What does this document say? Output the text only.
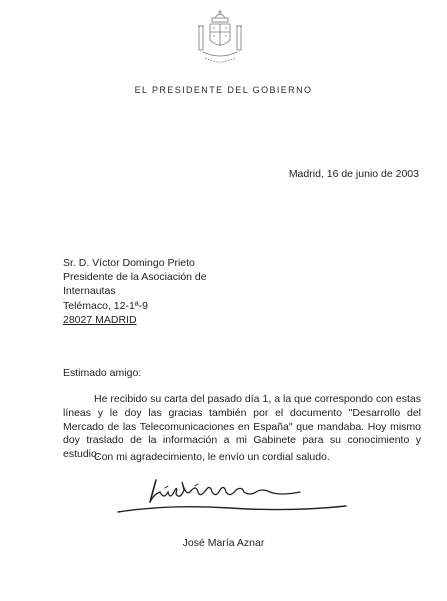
EL PRESIDENTE DEL GOBIERNO
Madrid, 16 de junio de 2003
Sr. D. Víctor Domingo Prieto
Presidente de la Asociación de
Internautas
Telémaco, 12-1ª-9
28027 MADRID
Estimado amigo:
He recibido su carta del pasado día 1, a la que correspondo con estas líneas y le doy las gracias también por el documento "Desarrollo del Mercado de las Telecomunicaciones en España" que mandaba. Hoy mismo doy traslado de la información a mi Gabinete para su conocimiento y estudio.
Con mi agradecimiento, le envío un cordial saludo.
José María Aznar
